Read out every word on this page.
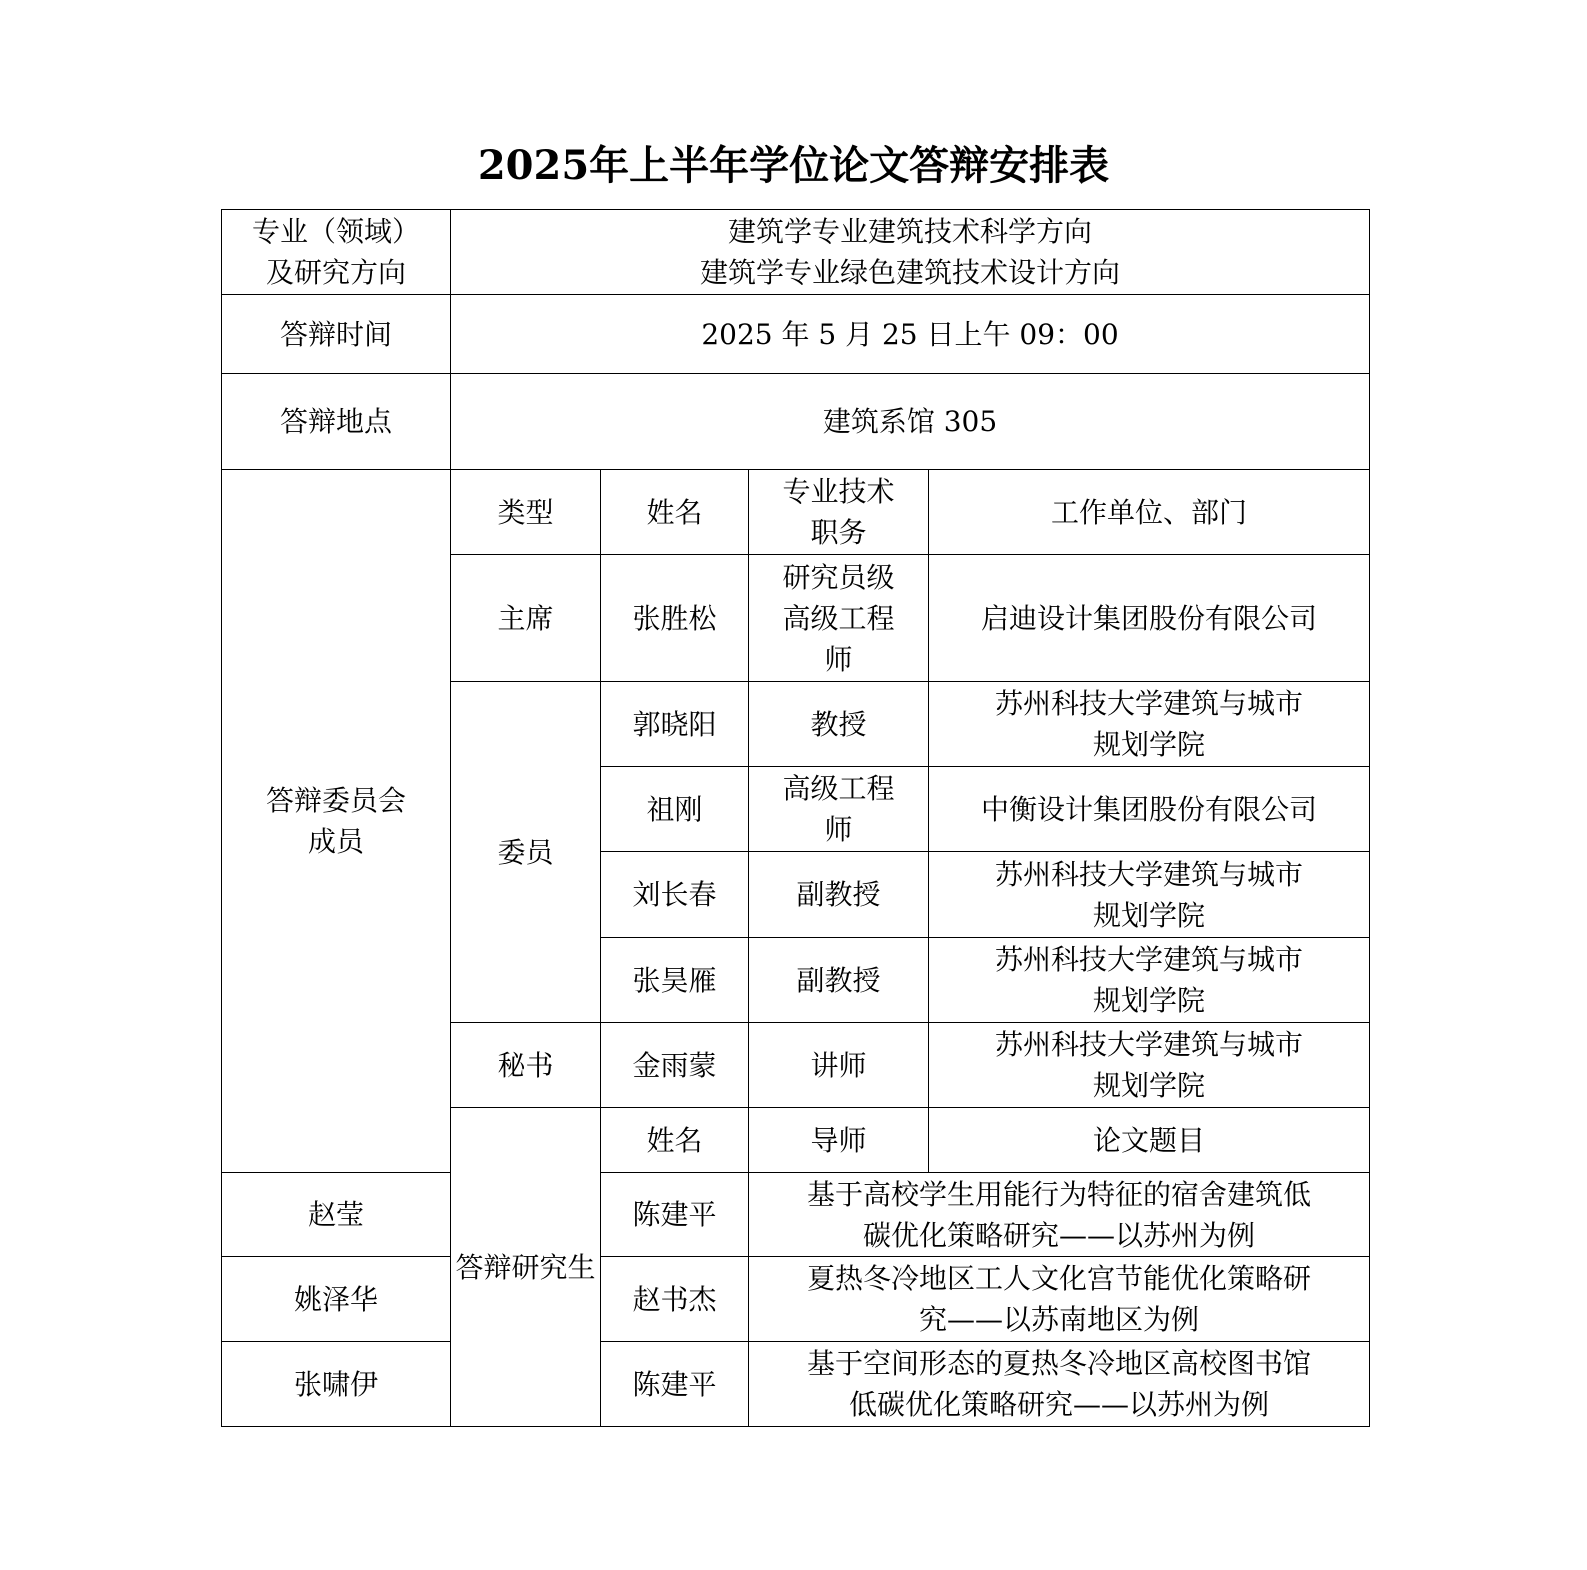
2025年上半年学位论文答辩安排表
专业（领域）
及研究方向	建筑学专业建筑技术科学方向
建筑学专业绿色建筑技术设计方向			
答辩时间	2025 年 5 月 25 日上午 09：00			
答辩地点	建筑系馆 305			
答辩委员会
成员	类型	姓名	专业技术
职务	工作单位、部门
	主席	张胜松	研究员级
高级工程
师	启迪设计集团股份有限公司
	委员	郭晓阳	教授	苏州科技大学建筑与城市
规划学院
		祖刚	高级工程
师	中衡设计集团股份有限公司
		刘长春	副教授	苏州科技大学建筑与城市
规划学院
		张昊雁	副教授	苏州科技大学建筑与城市
规划学院
	秘书	金雨蒙	讲师	苏州科技大学建筑与城市
规划学院
	答辩研究生	姓名	导师	论文题目
赵莹		陈建平	基于高校学生用能行为特征的宿舍建筑低
碳优化策略研究——以苏州为例	
姚泽华		赵书杰	夏热冬冷地区工人文化宫节能优化策略研
究——以苏南地区为例	
张啸伊		陈建平	基于空间形态的夏热冬冷地区高校图书馆
低碳优化策略研究——以苏州为例	
